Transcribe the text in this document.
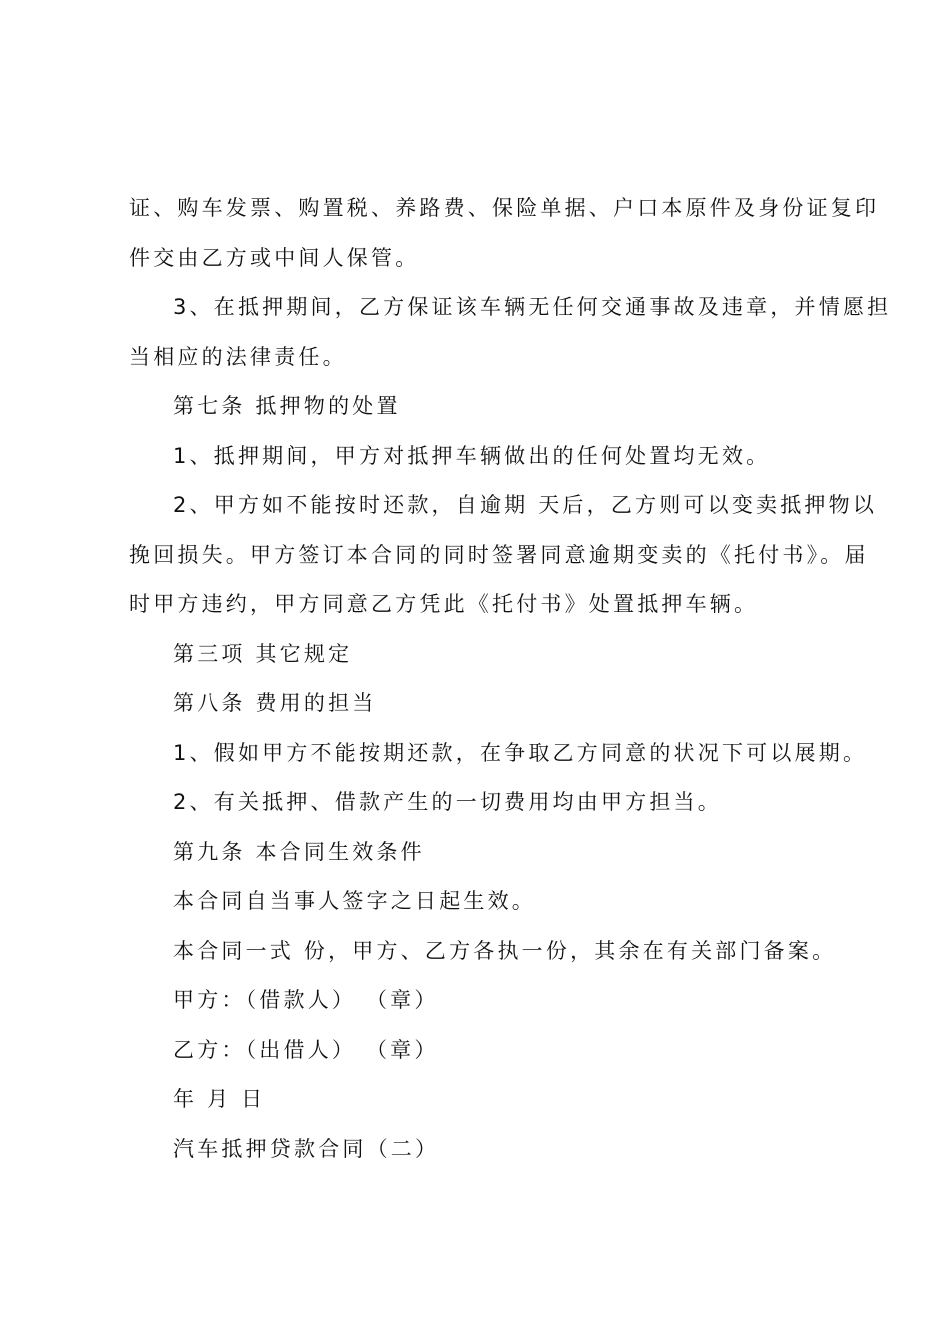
证、购车发票、购置税、养路费、保险单据、户口本原件及身份证复印
件交由乙方或中间人保管。
3、在抵押期间，乙方保证该车辆无任何交通事故及违章，并情愿担
当相应的法律责任。
第七条 抵押物的处置
1、抵押期间，甲方对抵押车辆做出的任何处置均无效。
2、甲方如不能按时还款，自逾期 天后，乙方则可以变卖抵押物以
挽回损失。甲方签订本合同的同时签署同意逾期变卖的《托付书》。届
时甲方违约，甲方同意乙方凭此《托付书》处置抵押车辆。
第三项 其它规定
第八条 费用的担当
1、假如甲方不能按期还款，在争取乙方同意的状况下可以展期。
2、有关抵押、借款产生的一切费用均由甲方担当。
第九条 本合同生效条件
本合同自当事人签字之日起生效。
本合同一式 份，甲方、乙方各执一份，其余在有关部门备案。
甲方：（借款人） （章）
乙方：（出借人） （章）
年 月 日
汽车抵押贷款合同（二）
